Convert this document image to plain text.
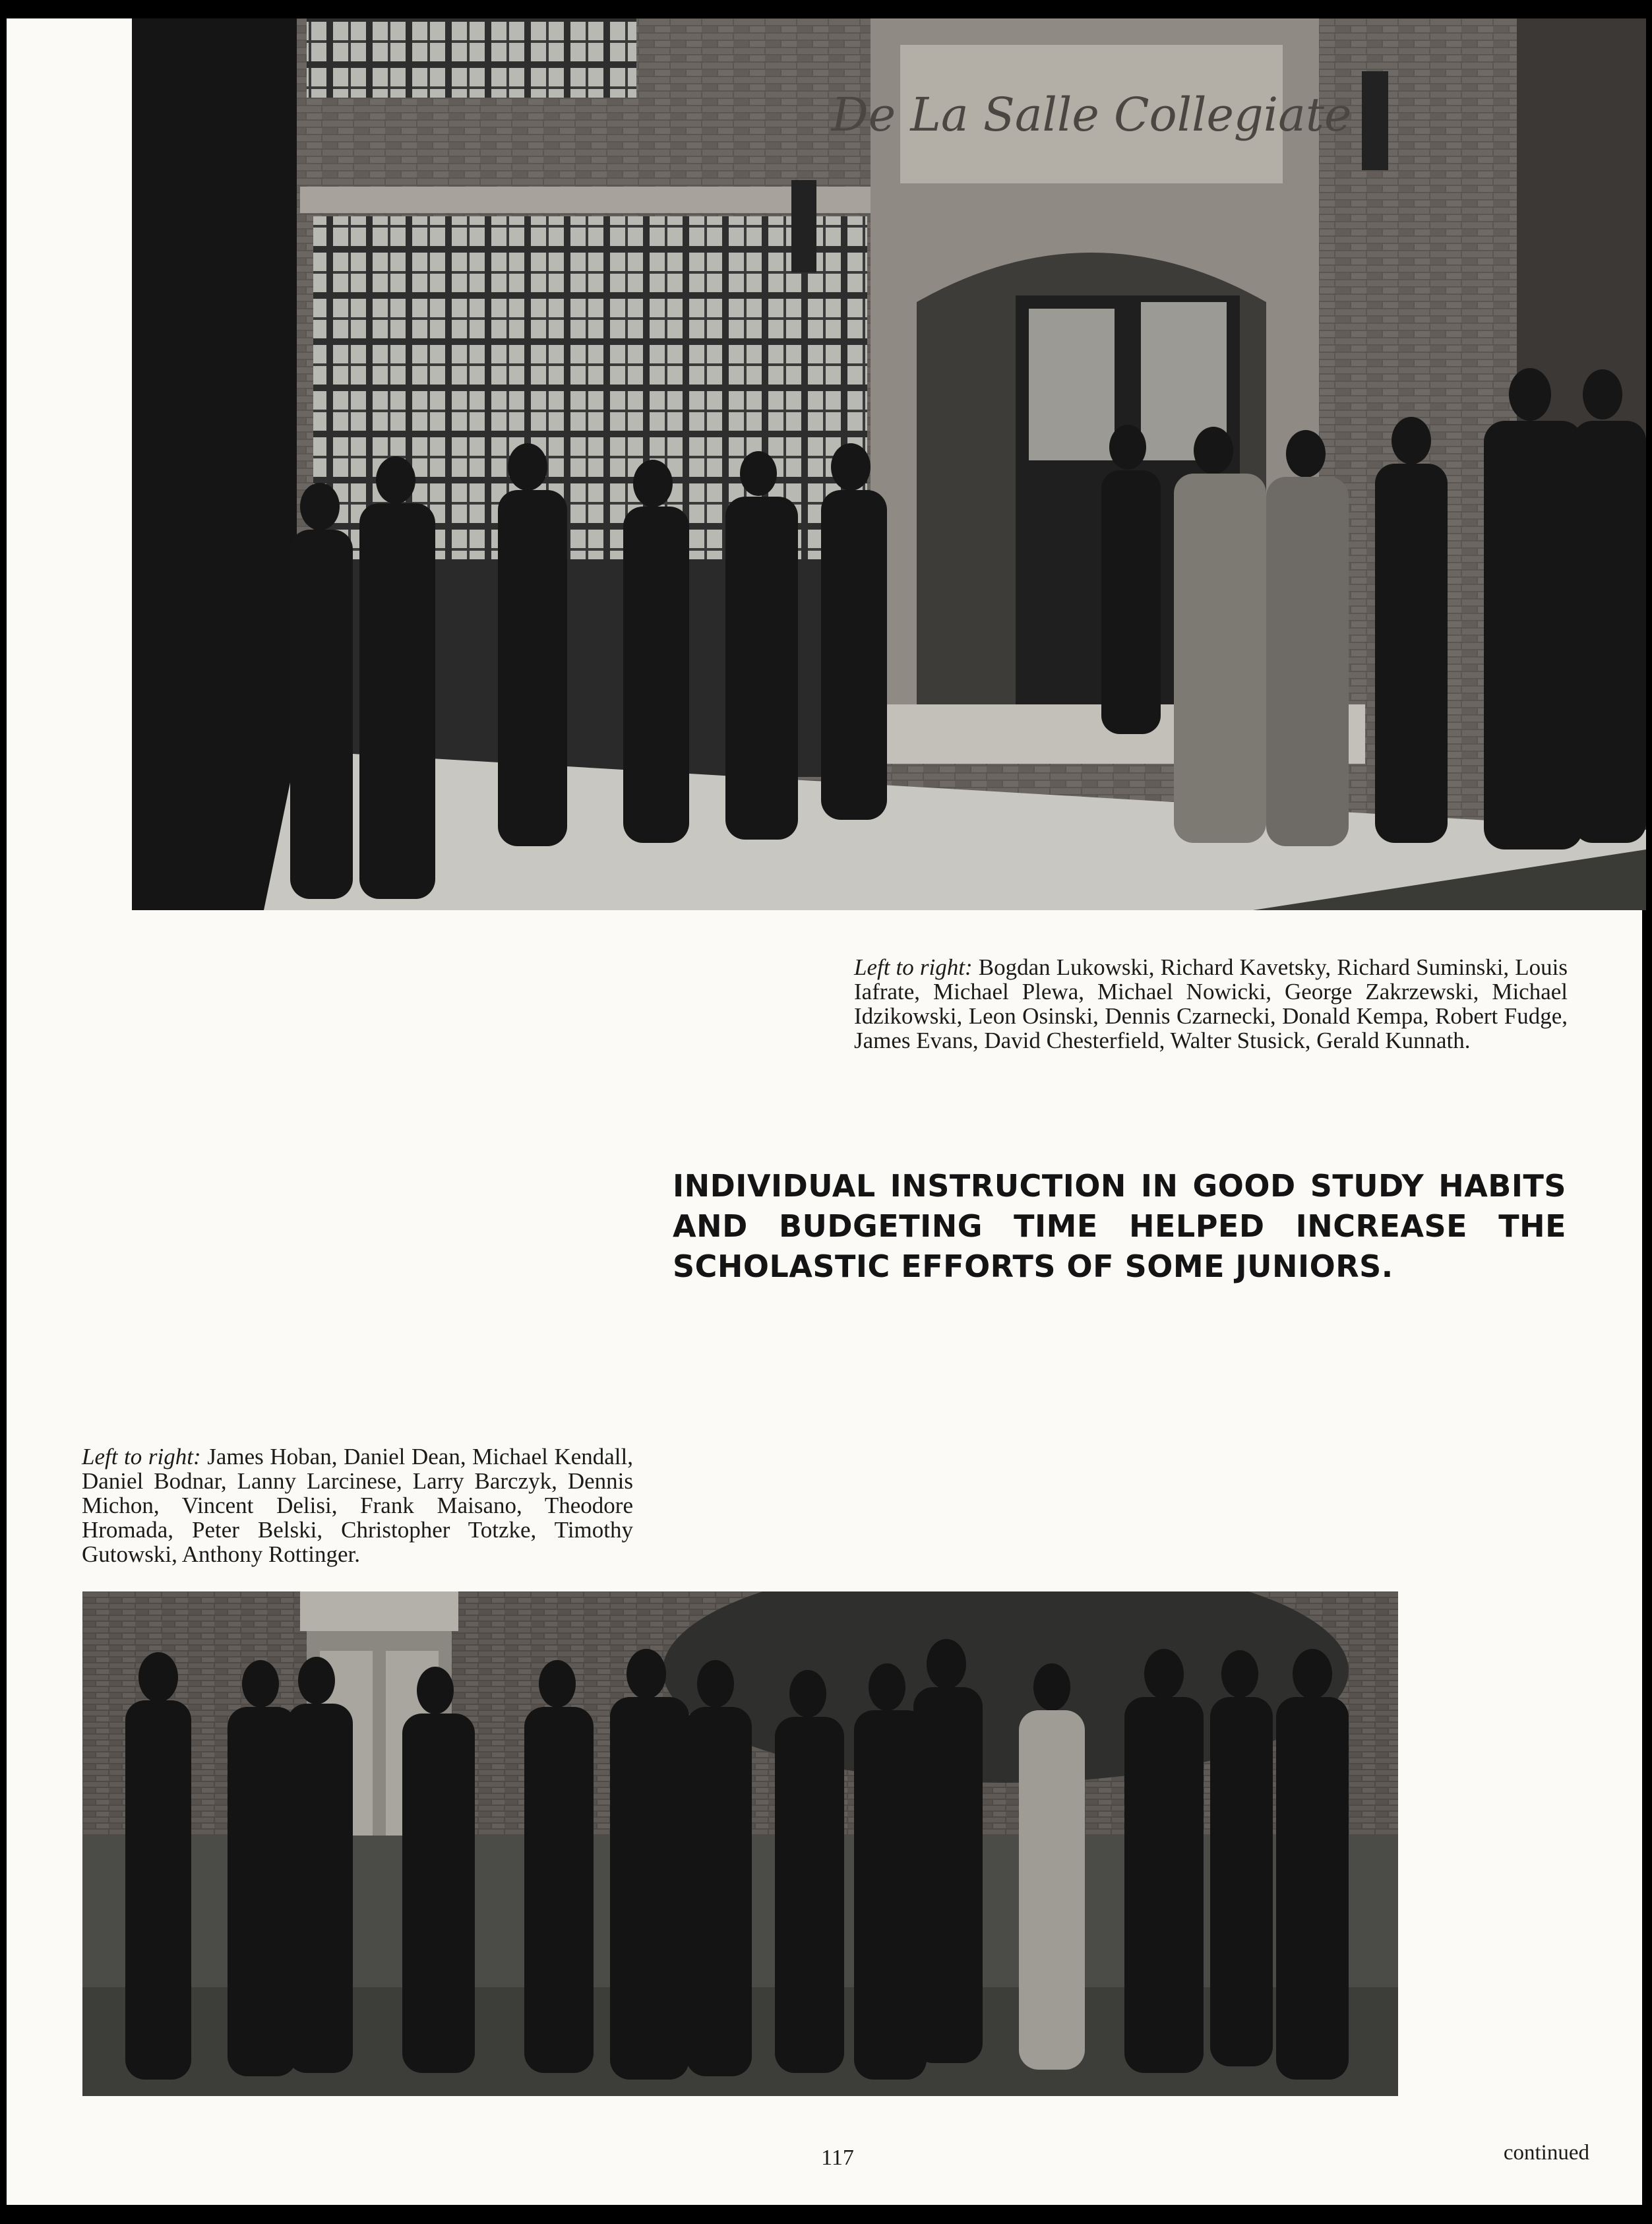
De La Salle Collegiate
Left to right: Bogdan Lukowski, Richard Kavetsky, Richard Suminski, Louis Iafrate, Michael Plewa, Michael Nowicki, George Zakrzewski, Michael Idzikowski, Leon Osinski, Dennis Czarnecki, Donald Kempa, Robert Fudge, James Evans, David Chesterfield, Walter Stusick, Gerald Kunnath.
INDIVIDUAL INSTRUCTION IN GOOD STUDY HABITS AND BUDGETING TIME HELPED INCREASE THE SCHOLASTIC EFFORTS OF SOME JUNIORS.
Left to right: James Hoban, Daniel Dean, Michael Kendall, Daniel Bodnar, Lanny Larcinese, Larry Barczyk, Dennis Michon, Vincent Delisi, Frank Maisano, Theodore Hromada, Peter Belski, Christopher Totzke, Timothy Gutowski, Anthony Rottinger.
117	continued
